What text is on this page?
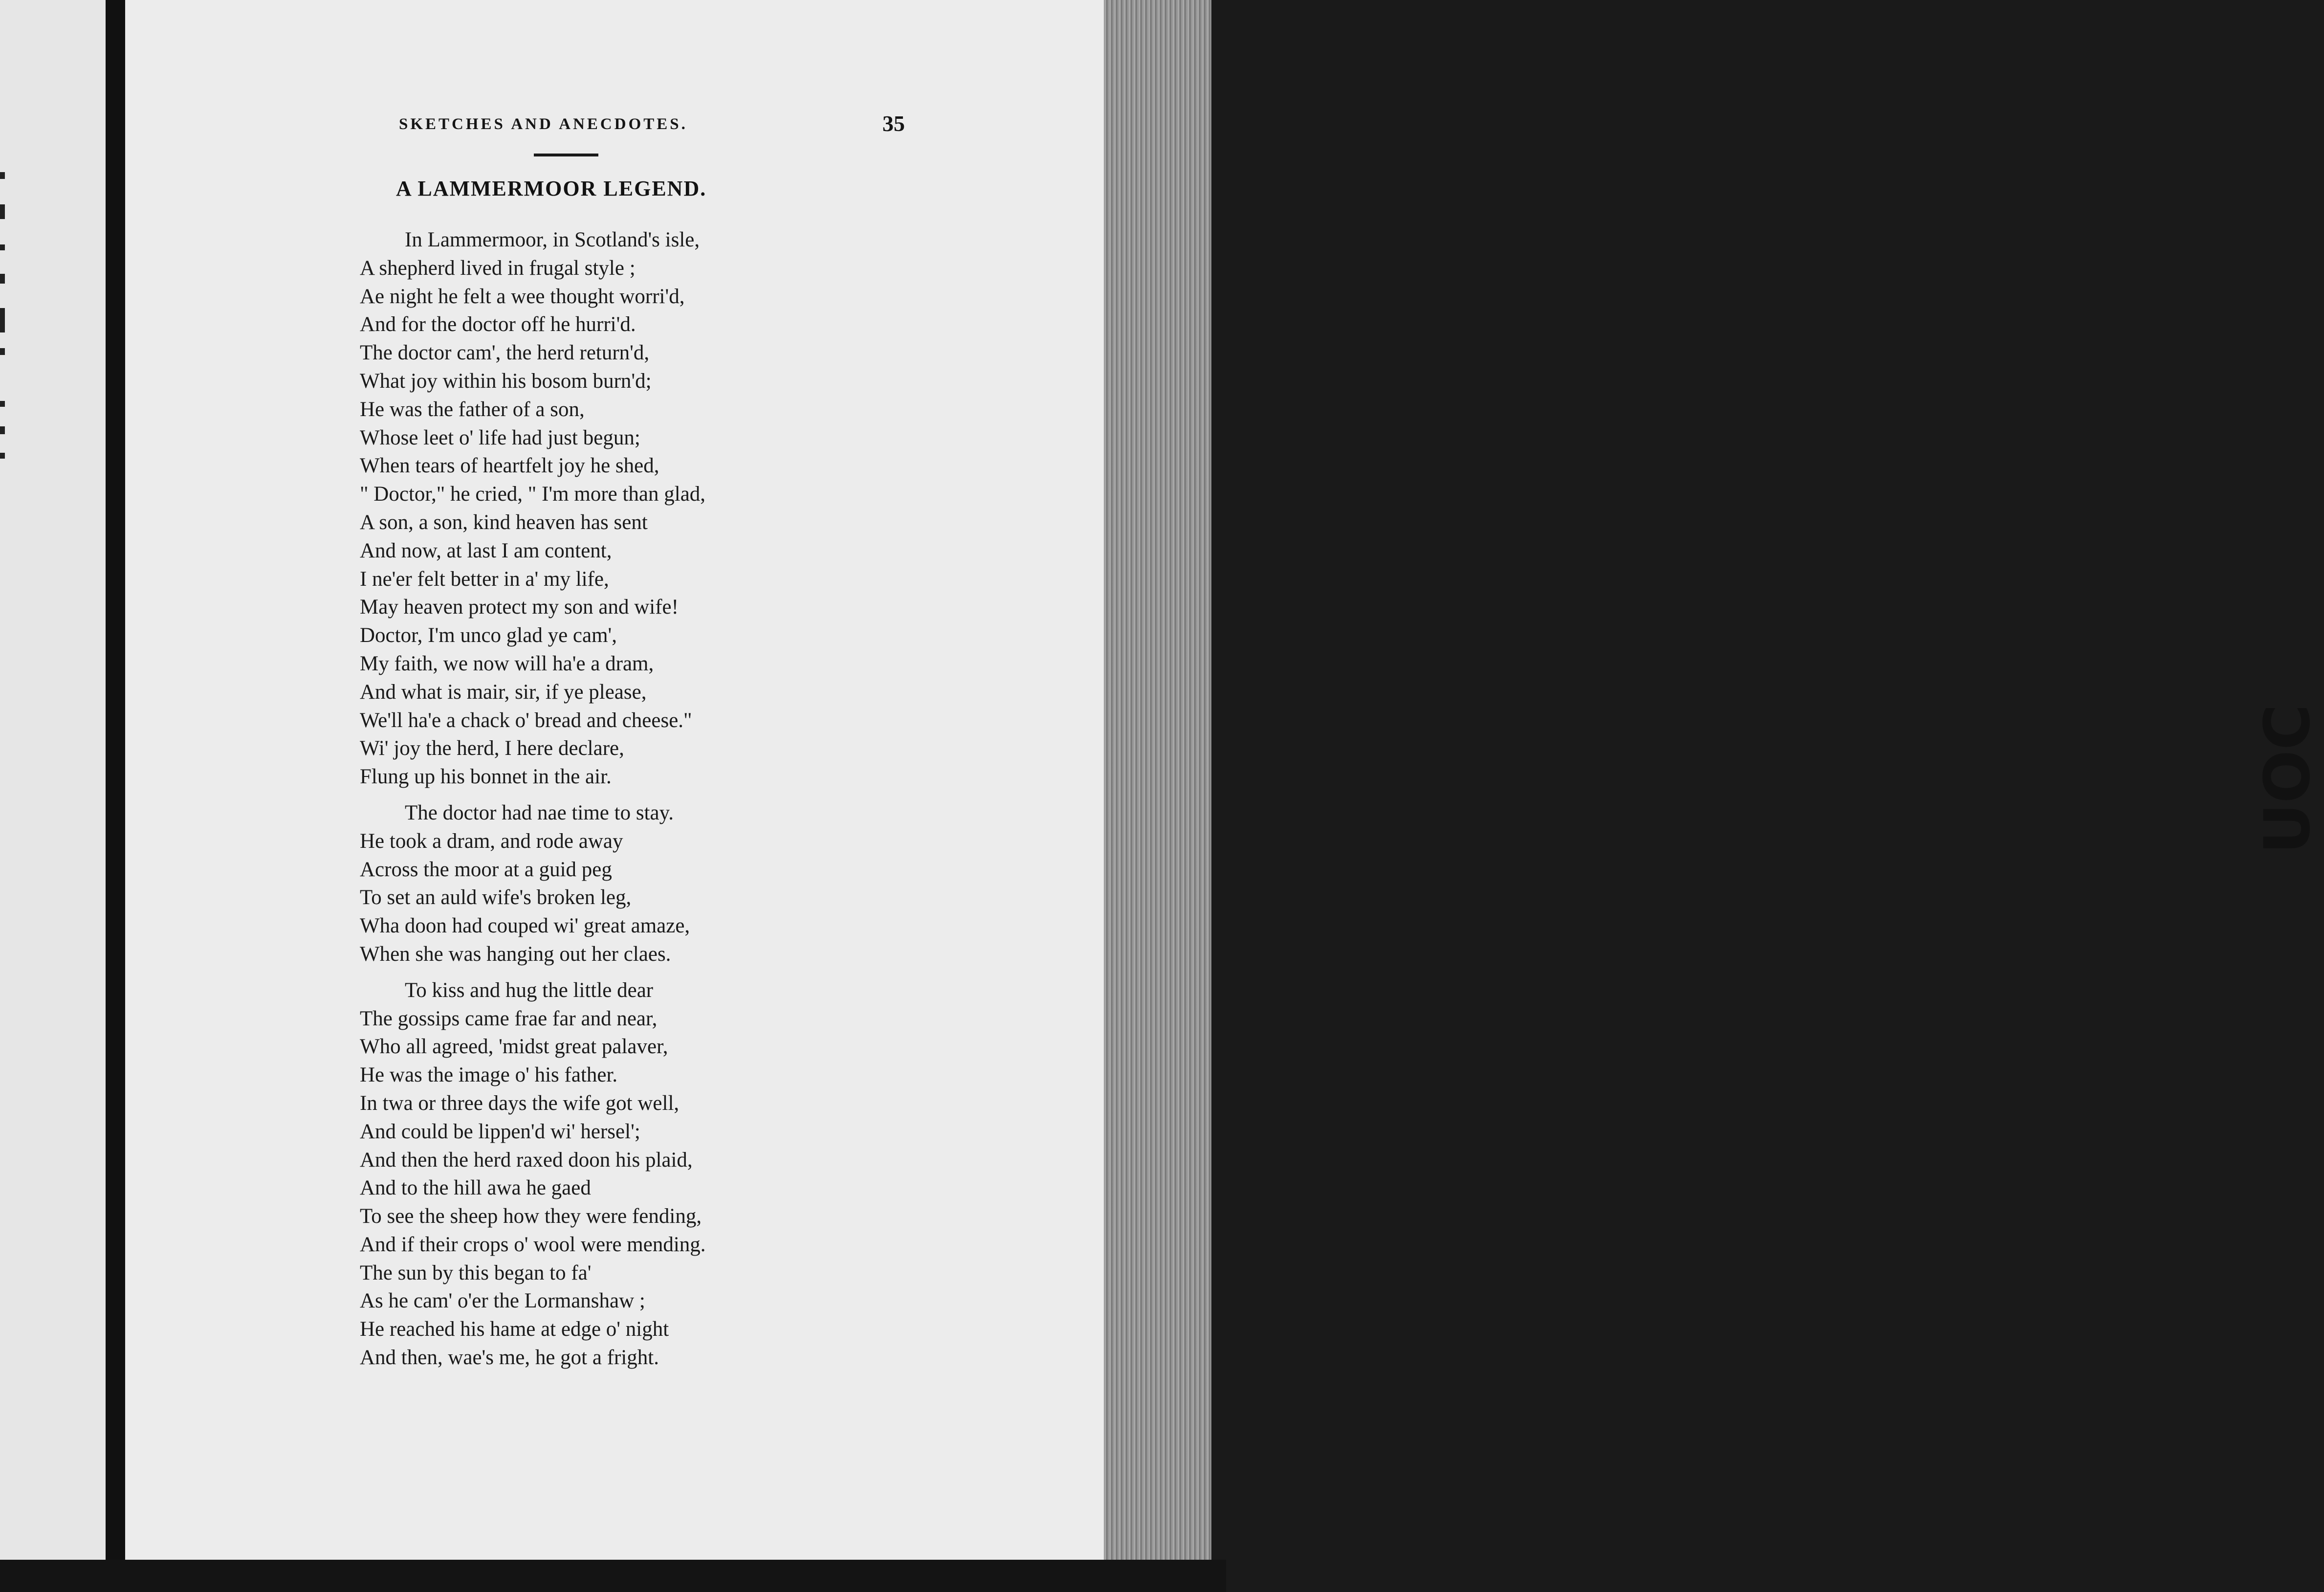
UOC
SKETCHES AND ANECDOTES.	35
A LAMMERMOOR LEGEND.
In Lammermoor, in Scotland's isle,
A shepherd lived in frugal style ;
Ae night he felt a wee thought worri'd,
And for the doctor off he hurri'd.
The doctor cam', the herd return'd,
What joy within his bosom burn'd;
He was the father of a son,
Whose leet o' life had just begun;
When tears of heartfelt joy he shed,
" Doctor," he cried, " I'm more than glad,
A son, a son, kind heaven has sent
And now, at last I am content,
I ne'er felt better in a' my life,
May heaven protect my son and wife!
Doctor, I'm unco glad ye cam',
My faith, we now will ha'e a dram,
And what is mair, sir, if ye please,
We'll ha'e a chack o' bread and cheese."
Wi' joy the herd, I here declare,
Flung up his bonnet in the air.
The doctor had nae time to stay.
He took a dram, and rode away
Across the moor at a guid peg
To set an auld wife's broken leg,
Wha doon had couped wi' great amaze,
When she was hanging out her claes.
To kiss and hug the little dear
The gossips came frae far and near,
Who all agreed, 'midst great palaver,
He was the image o' his father.
In twa or three days the wife got well,
And could be lippen'd wi' hersel';
And then the herd raxed doon his plaid,
And to the hill awa he gaed
To see the sheep how they were fending,
And if their crops o' wool were mending.
The sun by this began to fa'
As he cam' o'er the Lormanshaw ;
He reached his hame at edge o' night
And then, wae's me, he got a fright.
